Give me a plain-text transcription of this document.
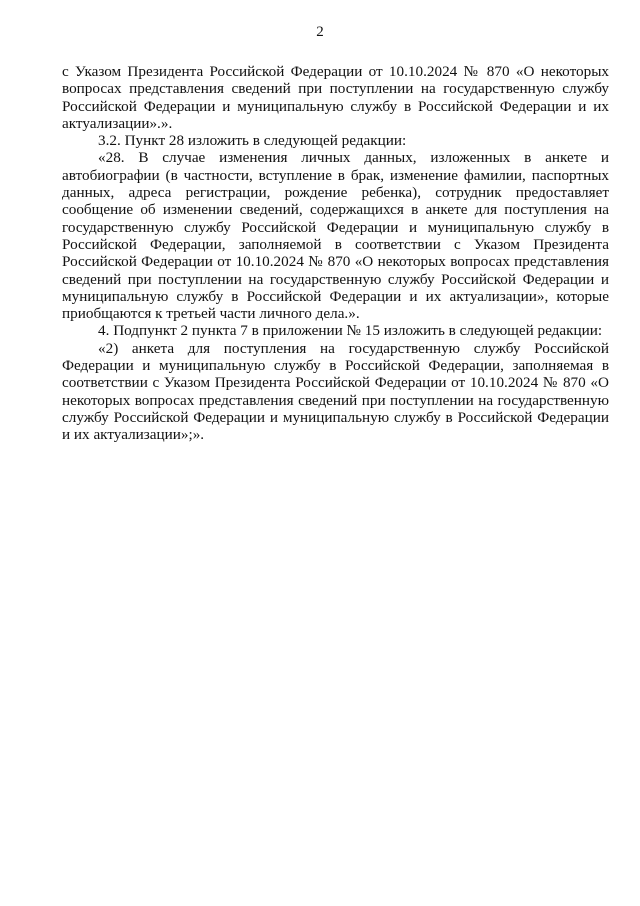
2

с Указом Президента Российской Федерации от 10.10.2024 № 870 «О некоторых вопросах представления сведений при поступлении на государственную службу Российской Федерации и муниципальную службу в Российской Федерации и их актуализации».».

3.2. Пункт 28 изложить в следующей редакции:

«28. В случае изменения личных данных, изложенных в анкете и автобиографии (в частности, вступление в брак, изменение фамилии, паспортных данных, адреса регистрации, рождение ребенка), сотрудник предоставляет сообщение об изменении сведений, содержащихся в анкете для поступления на государственную службу Российской Федерации и муниципальную службу в Российской Федерации, заполняемой в соответствии с Указом Президента Российской Федерации от 10.10.2024 № 870 «О некоторых вопросах представления сведений при поступлении на государственную службу Российской Федерации и муниципальную службу в Российской Федерации и их актуализации», которые приобщаются к третьей части личного дела.».

4. Подпункт 2 пункта 7 в приложении № 15 изложить в следующей редакции:

«2) анкета для поступления на государственную службу Российской Федерации и муниципальную службу в Российской Федерации, заполняемая в соответствии с Указом Президента Российской Федерации от 10.10.2024 № 870 «О некоторых вопросах представления сведений при поступлении на государственную службу Российской Федерации и муниципальную службу в Российской Федерации и их актуализации»;».
